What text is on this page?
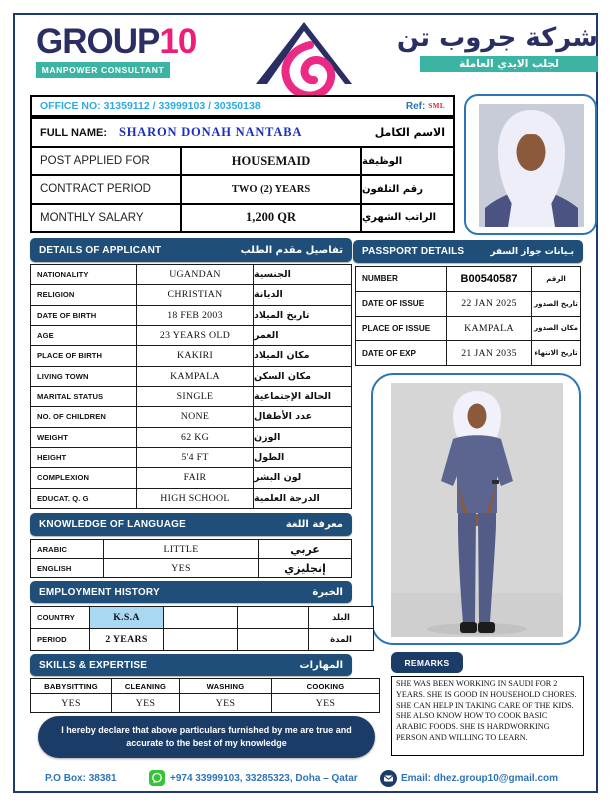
GROUP10
MANPOWER CONSULTANT
شركة جروب تن
لجلب الايدي العاملة
OFFICE NO: 31359112 / 33999103 / 30350138	Ref: SML
FULL NAME: SHARON DONAH NANTABA	الاسم الكامل
POST APPLIED FOR	HOUSEMAID	الوظيفة
CONTRACT PERIOD	TWO (2) YEARS	رقم التلفون
MONTHLY SALARY	1,200 QR	الراتب الشهري
DETAILS OF APPLICANT	تفاصيل مقدم الطلب
NATIONALITY	UGANDAN	الجنسية
RELIGION	CHRISTIAN	الديانة
DATE OF BIRTH	18 FEB 2003	تاريخ الميلاد
AGE	23 YEARS OLD	العمر
PLACE OF BIRTH	KAKIRI	مكان الميلاد
LIVING TOWN	KAMPALA	مكان السكن
MARITAL STATUS	SINGLE	الحالة الإجتماعية
NO. OF CHILDREN	NONE	عدد الأطفال
WEIGHT	62 KG	الوزن
HEIGHT	5'4 FT	الطول
COMPLEXION	FAIR	لون البشر
EDUCAT. Q. G	HIGH SCHOOL	الدرجة العلمية
PASSPORT DETAILS	بـيانات جواز السفر
NUMBER	B00540587	الرقم
DATE OF ISSUE	22 JAN 2025	تاريخ الصدور
PLACE OF ISSUE	KAMPALA	مكان الصدور
DATE OF EXP	21 JAN 2035	تاريخ الانتهاء
KNOWLEDGE OF LANGUAGE	معرفة اللغة
ARABIC	LITTLE	عربي
ENGLISH	YES	إنجليزي
EMPLOYMENT HISTORY	الخبرة
COUNTRY	K.S.A	البلد
PERIOD	2 YEARS	المدة
SKILLS & EXPERTISE	المهارات
BABYSITTING	CLEANING	WASHING	COOKING
YES	YES	YES	YES
I hereby declare that above particulars furnished by me are true and accurate to the best of my knowledge
REMARKS
SHE WAS BEEN WORKING IN SAUDI FOR 2 YEARS. SHE IS GOOD IN HOUSEHOLD CHORES. SHE CAN HELP IN TAKING CARE OF THE KIDS. SHE ALSO KNOW HOW TO COOK BASIC ARABIC FOODS. SHE IS HARDWORKING PERSON AND WILLING TO LEARN.
P.O Box: 38381	+974 33999103, 33285323, Doha – Qatar	Email: dhez.group10@gmail.com
